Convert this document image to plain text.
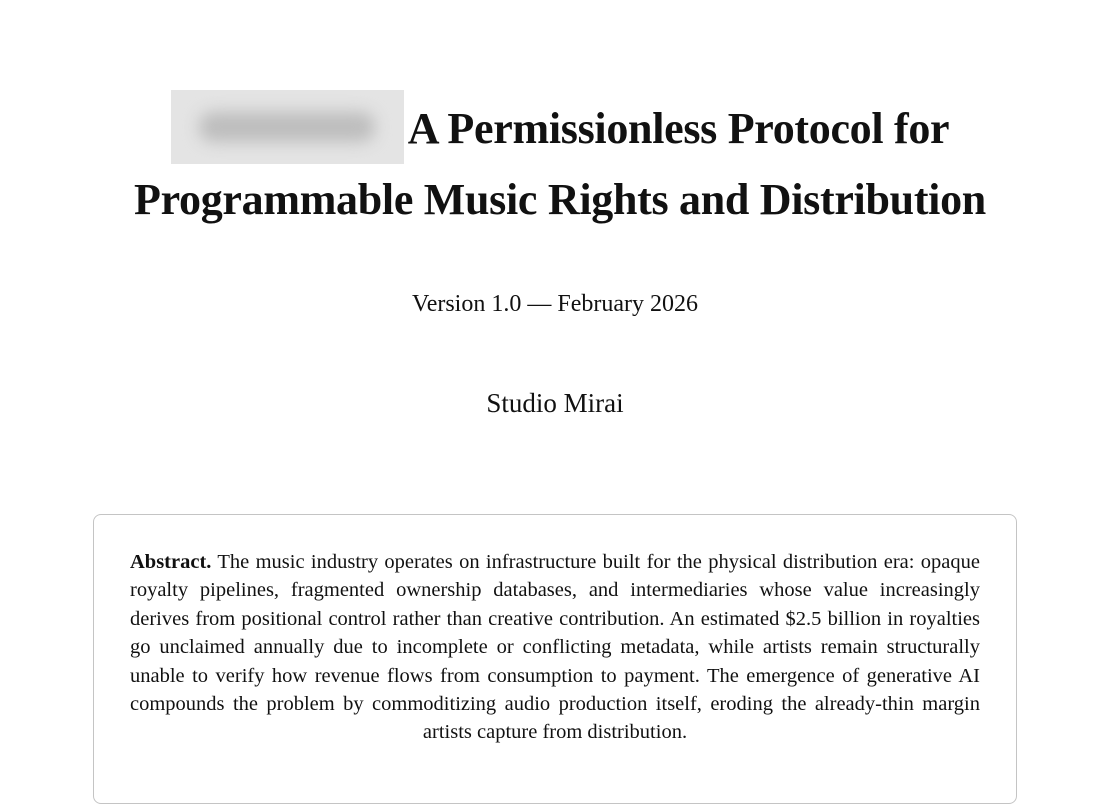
A Permissionless Protocol for
Programmable Music Rights and Distribution

Version 1.0 — February 2026

Studio Mirai

Abstract. The music industry operates on infrastructure built for the physical distribution era: opaque royalty pipelines, fragmented ownership databases, and intermediaries whose value increasingly derives from positional control rather than creative contribution. An estimated $2.5 billion in royalties go unclaimed annually due to incomplete or conflicting metadata, while artists remain structurally unable to verify how revenue flows from consumption to payment. The emergence of generative AI compounds the problem by commoditizing audio production itself, eroding the already-thin margin artists capture from distribution.
